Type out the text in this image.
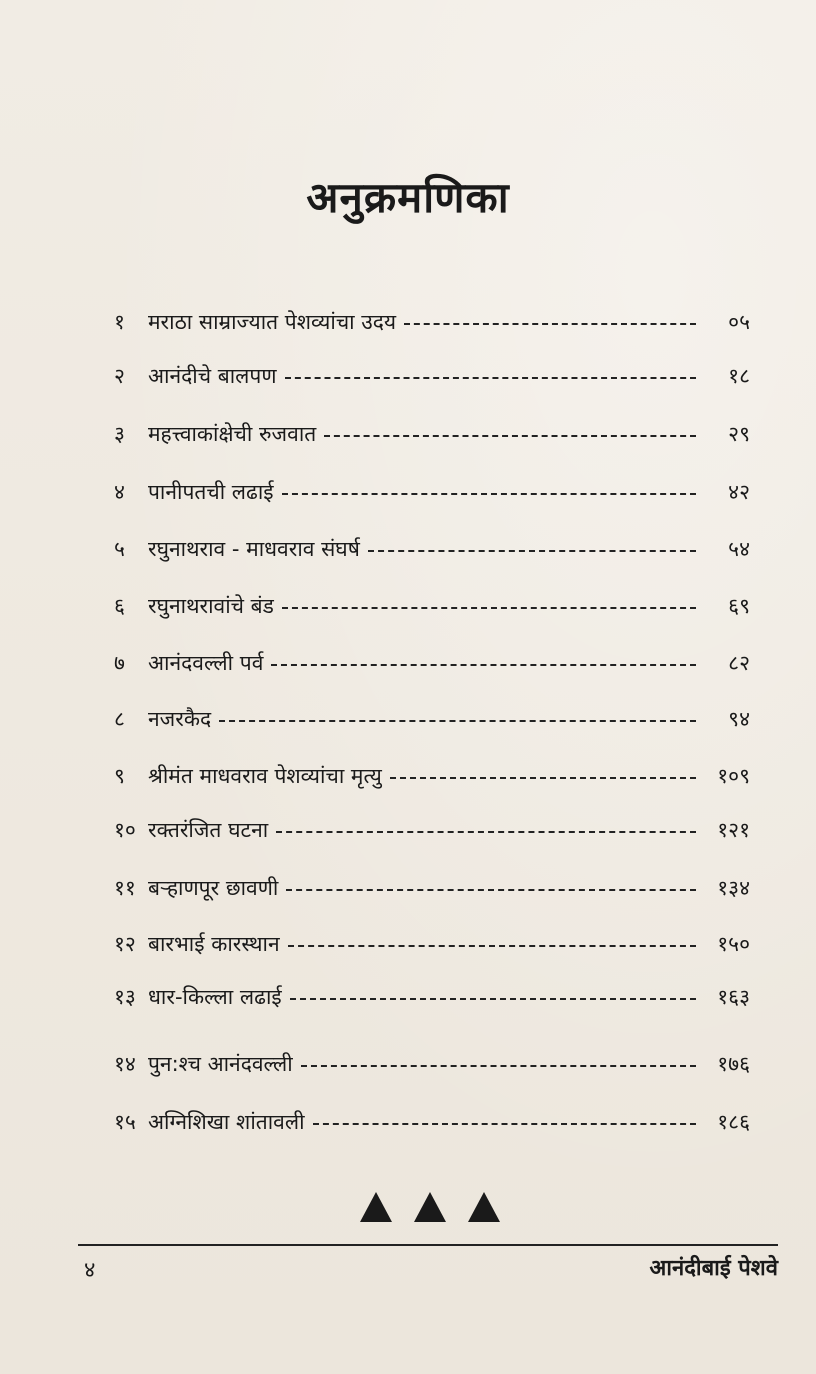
अनुक्रमणिका
१	मराठा साम्राज्यात पेशव्यांचा उदय	०५
२	आनंदीचे बालपण	१८
३	महत्त्वाकांक्षेची रुजवात	२९
४	पानीपतची लढाई	४२
५	रघुनाथराव - माधवराव संघर्ष	५४
६	रघुनाथरावांचे बंड	६९
७	आनंदवल्ली पर्व	८२
८	नजरकैद	९४
९	श्रीमंत माधवराव पेशव्यांचा मृत्यु	१०९
१० रक्तरंजित घटना	१२१
११ बऱ्हाणपूर छावणी	१३४
१२ बारभाई कारस्थान	१५०
१३ धार-किल्ला लढाई	१६३
१४ पुन:श्च आनंदवल्ली	१७६
१५ अग्निशिखा शांतावली	१८६
४	आनंदीबाई पेशवे
